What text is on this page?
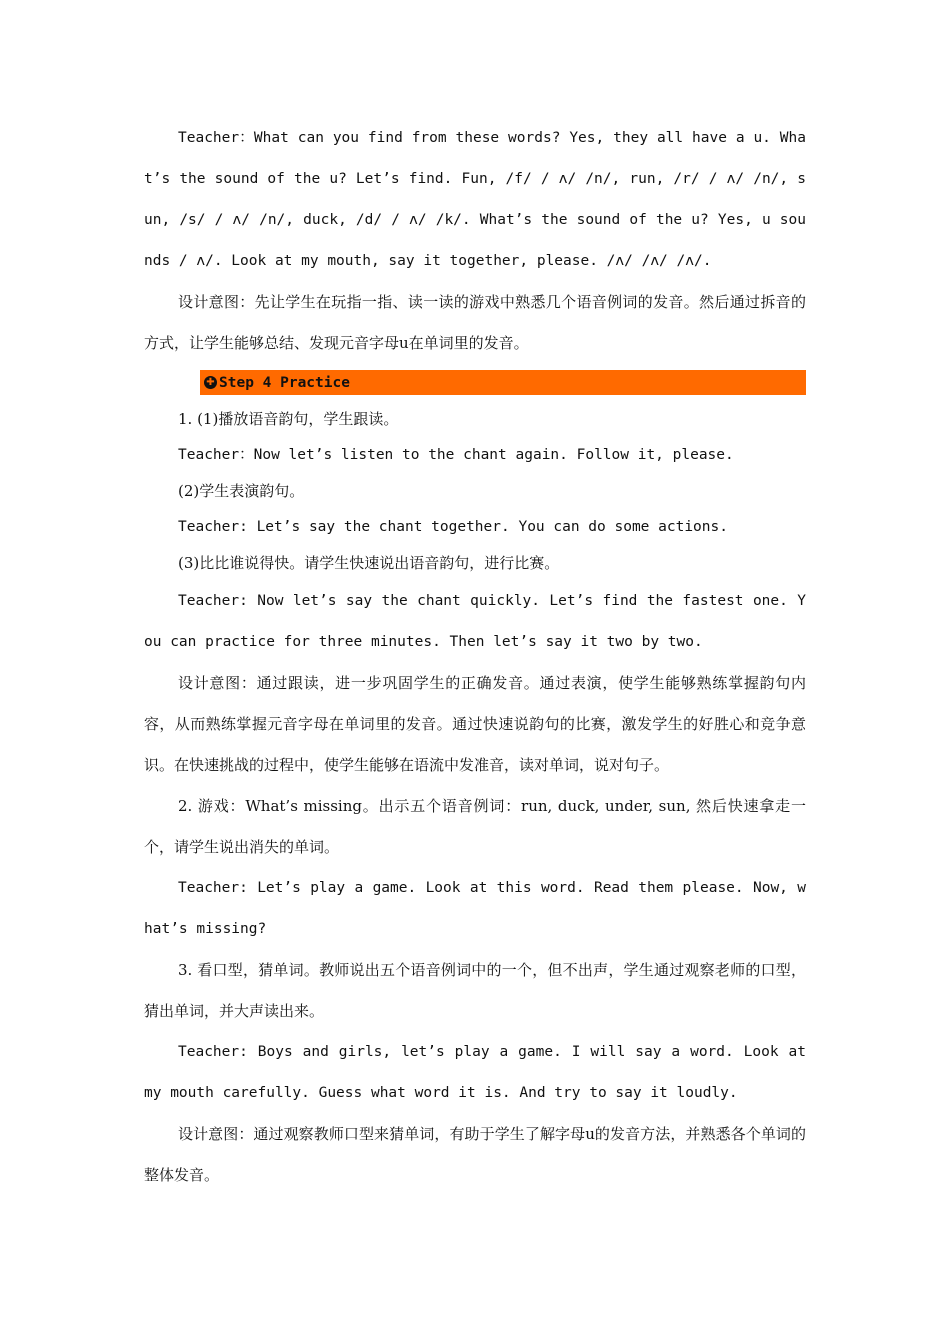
Teacher：What can you find from these words? Yes, they all have a u. What’s the sound of the u? Let’s find. Fun, /f/ / ʌ/ /n/, run, /r/ / ʌ/ /n/, sun, /s/ / ʌ/ /n/, duck, /d/ / ʌ/ /k/. What’s the sound of the u? Yes, u sounds / ʌ/. Look at my mouth, say it together, please. /ʌ/ /ʌ/ /ʌ/.

设计意图：先让学生在玩指一指、读一读的游戏中熟悉几个语音例词的发音。然后通过拆音的方式，让学生能够总结、发现元音字母u在单词里的发音。

✚ Step 4 Practice

1. (1)播放语音韵句，学生跟读。

Teacher：Now let’s listen to the chant again. Follow it, please.

(2)学生表演韵句。

Teacher: Let’s say the chant together. You can do some actions.

(3)比比谁说得快。请学生快速说出语音韵句，进行比赛。

Teacher: Now let’s say the chant quickly. Let’s find the fastest one. You can practice for three minutes. Then let’s say it two by two.

设计意图：通过跟读，进一步巩固学生的正确发音。通过表演，使学生能够熟练掌握韵句内容，从而熟练掌握元音字母在单词里的发音。通过快速说韵句的比赛，激发学生的好胜心和竞争意识。在快速挑战的过程中，使学生能够在语流中发准音，读对单词，说对句子。

2. 游戏：What’s missing。出示五个语音例词：run, duck, under, sun, 然后快速拿走一个，请学生说出消失的单词。

Teacher: Let’s play a game. Look at this word. Read them please. Now, what’s missing?

3. 看口型，猜单词。教师说出五个语音例词中的一个，但不出声，学生通过观察老师的口型，猜出单词，并大声读出来。

Teacher: Boys and girls, let’s play a game. I will say a word. Look at my mouth carefully. Guess what word it is. And try to say it loudly.

设计意图：通过观察教师口型来猜单词，有助于学生了解字母u的发音方法，并熟悉各个单词的整体发音。
